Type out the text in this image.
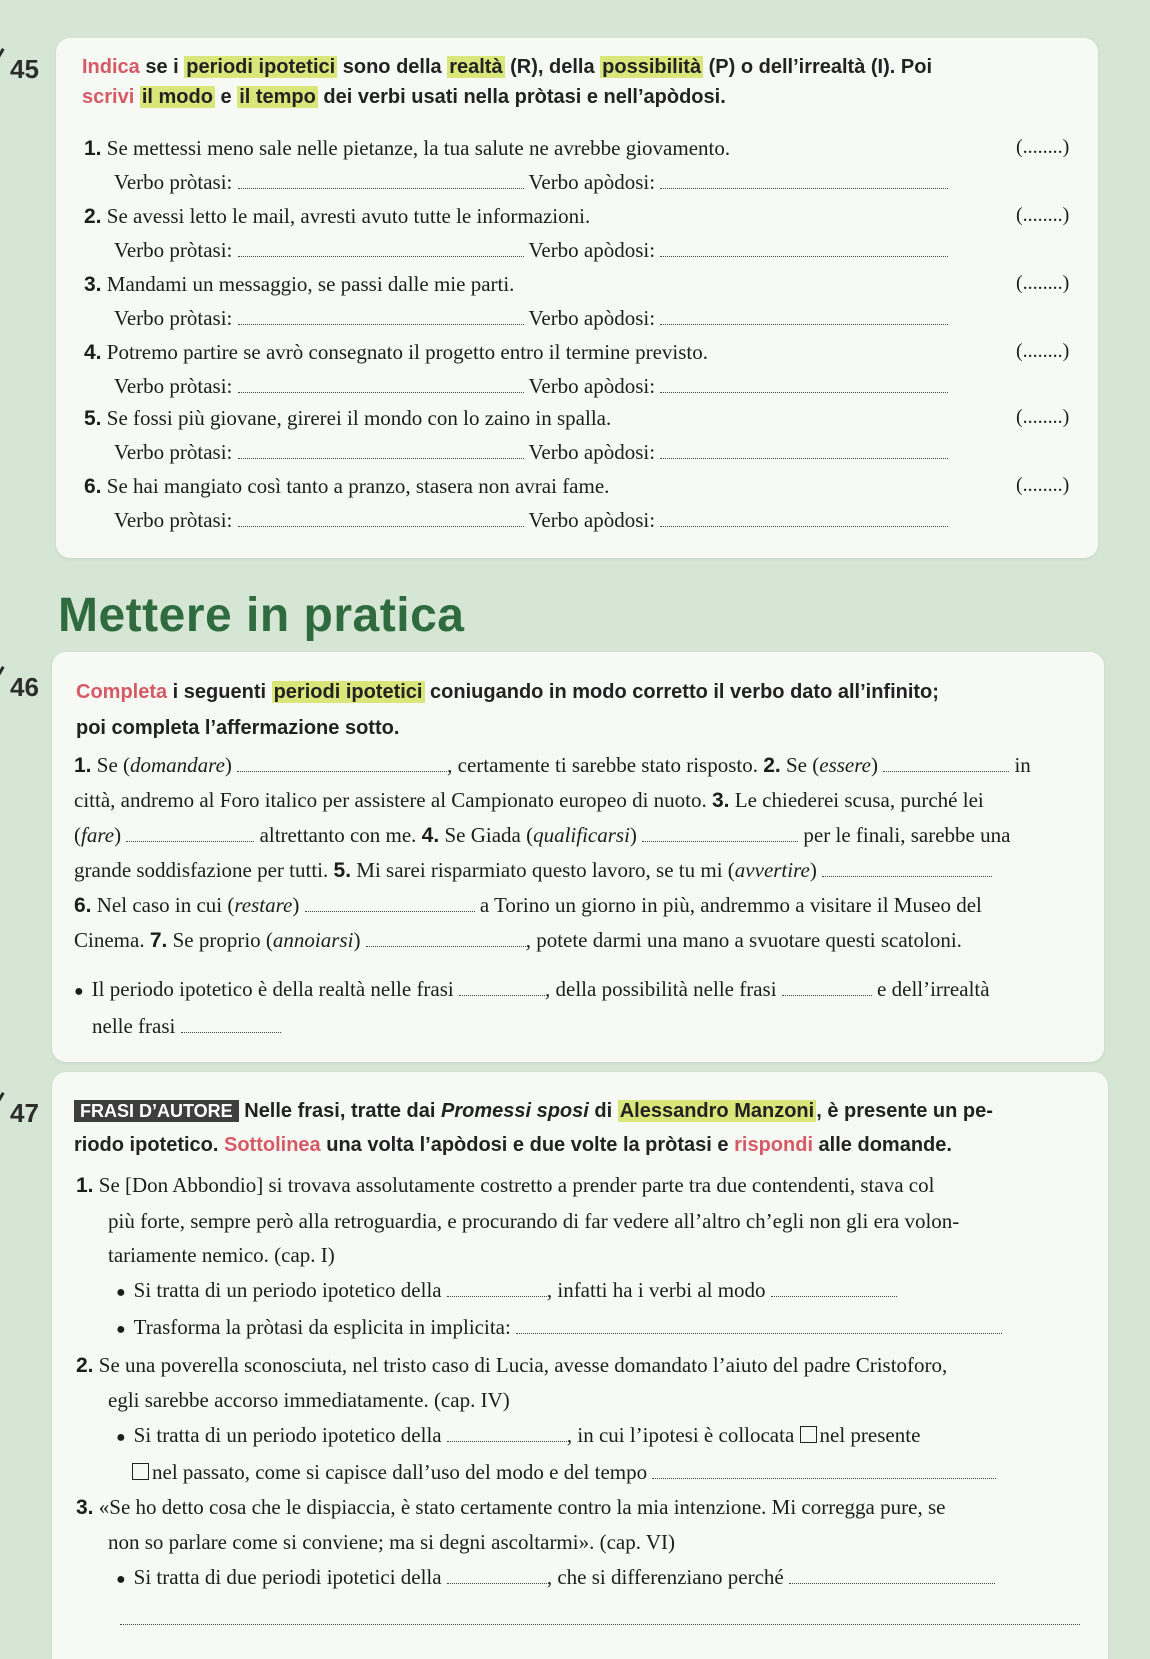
45 Indica se i periodi ipotetici sono della realtà (R), della possibilità (P) o dell’irrealtà (I). Poi
scrivi il modo e il tempo dei verbi usati nella pròtasi e nell’apòdosi.
1. Se mettessi meno sale nelle pietanze, la tua salute ne avrebbe giovamento.	(........)
Verbo pròtasi:	Verbo apòdosi:
2. Se avessi letto le mail, avresti avuto tutte le informazioni.	(........)
Verbo pròtasi:	Verbo apòdosi:
3. Mandami un messaggio, se passi dalle mie parti.	(........)
Verbo pròtasi:	Verbo apòdosi:
4. Potremo partire se avrò consegnato il progetto entro il termine previsto.	(........)
Verbo pròtasi:	Verbo apòdosi:
5. Se fossi più giovane, girerei il mondo con lo zaino in spalla.	(........)
Verbo pròtasi:	Verbo apòdosi:
6. Se hai mangiato così tanto a pranzo, stasera non avrai fame.	(........)
Verbo pròtasi:	Verbo apòdosi:
Mettere in pratica
46 Completa i seguenti periodi ipotetici coniugando in modo corretto il verbo dato all’infinito;
poi completa l’affermazione sotto.
1. Se (domandare)	, certamente ti sarebbe stato risposto. 2. Se (essere)	in
città, andremo al Foro italico per assistere al Campionato europeo di nuoto. 3. Le chiederei scusa, purché lei
(fare)	altrettanto con me. 4. Se Giada (qualificarsi)	per le finali, sarebbe una
grande soddisfazione per tutti. 5. Mi sarei risparmiato questo lavoro, se tu mi (avvertire)
6. Nel caso in cui (restare)	a Torino un giorno in più, andremmo a visitare il Museo del
Cinema. 7. Se proprio (annoiarsi)	, potete darmi una mano a svuotare questi scatoloni.
● Il periodo ipotetico è della realtà nelle frasi	, della possibilità nelle frasi	e dell’irrealtà
nelle frasi
47	FRASI D’AUTORE Nelle frasi, tratte dai Promessi sposi di Alessandro Manzoni , è presente un pe-
riodo ipotetico. Sottolinea una volta l’apòdosi e due volte la pròtasi e rispondi alle domande.
1. Se [Don Abbondio] si trovava assolutamente costretto a prender parte tra due contendenti, stava col
più forte, sempre però alla retroguardia, e procurando di far vedere all’altro ch’egli non gli era volon-
tariamente nemico. (cap. I)
● Si tratta di un periodo ipotetico della	, infatti ha i verbi al modo
● Trasforma la pròtasi da esplicita in implicita:
2. Se una poverella sconosciuta, nel tristo caso di Lucia, avesse domandato l’aiuto del padre Cristoforo,
egli sarebbe accorso immediatamente. (cap. IV)
● Si tratta di un periodo ipotetico della	, in cui l’ipotesi è collocata nel presente
nel passato, come si capisce dall’uso del modo e del tempo
3. «Se ho detto cosa che le dispiaccia, è stato certamente contro la mia intenzione. Mi corregga pure, se
non so parlare come si conviene; ma si degni ascoltarmi». (cap. VI)
● Si tratta di due periodi ipotetici della	, che si differenziano perché
